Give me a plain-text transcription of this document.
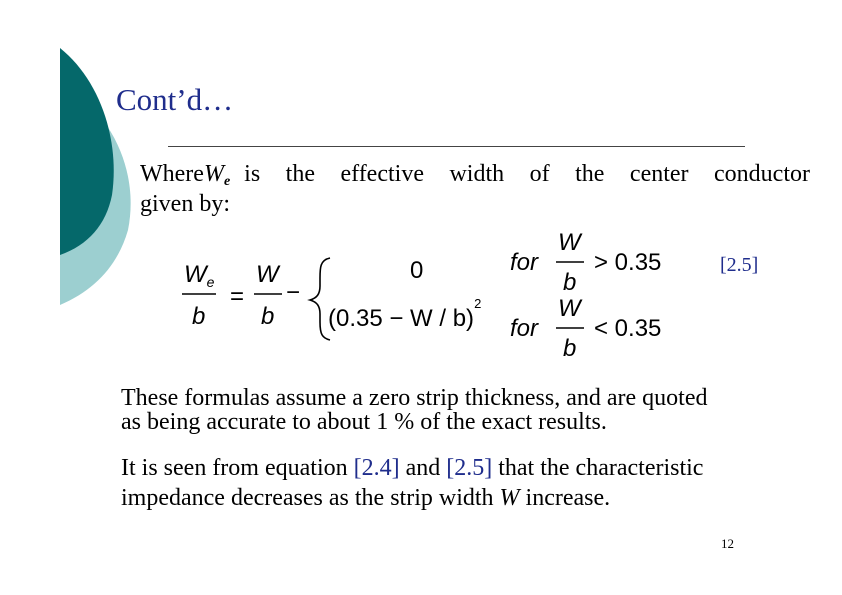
Cont’d…
Where We is the effective width of the center conductor
given by:
$W_e$
b
=
W
b
−
0
$(0.35 - W / b)^2$
for
W
b
> 0.35
for
W
b
< 0.35
[2.5]
These formulas assume a zero strip thickness, and are quoted
as being accurate to about 1 % of the exact results.
It is seen from equation [2.4] and [2.5] that the characteristic
impedance decreases as the strip width W increase.
12
